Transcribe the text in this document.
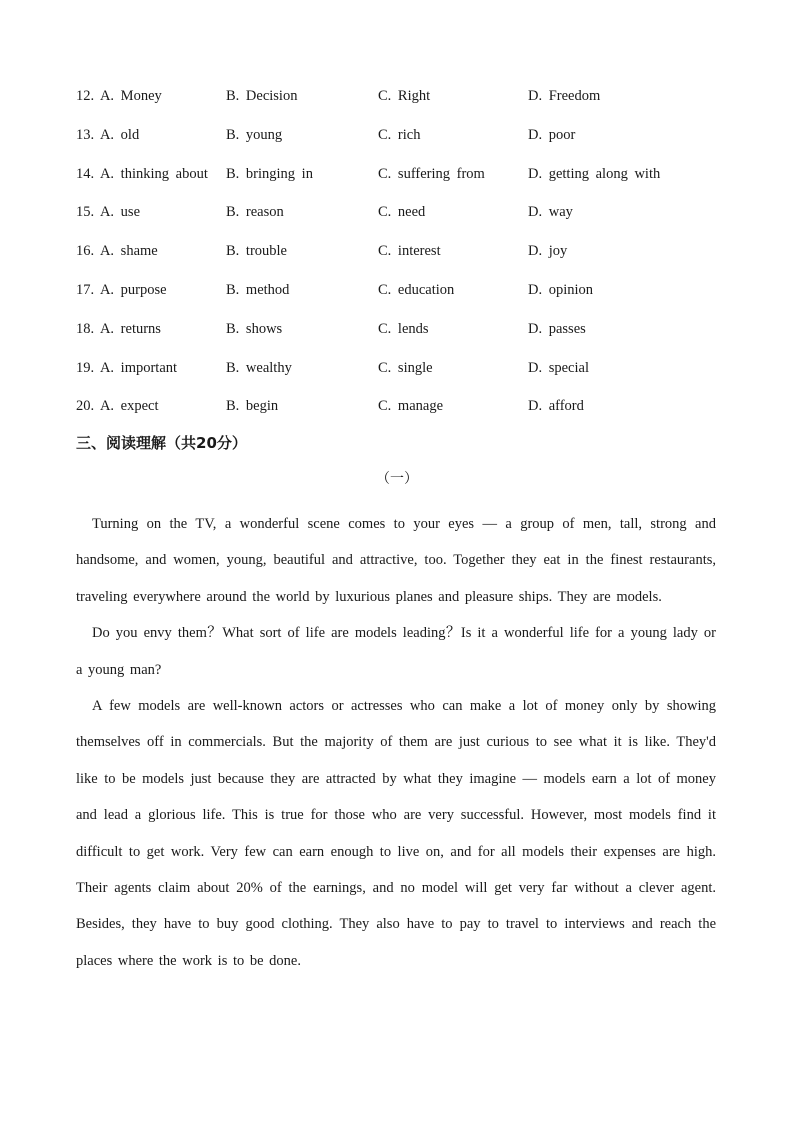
12. A. Money	B. Decision	C. Right	D. Freedom
13. A. old	B. young	C. rich	D. poor
14. A. thinking about B. bringing in	C. suffering from	D. getting along with
15. A. use	B. reason	C. need	D. way
16. A. shame	B. trouble	C. interest	D. joy
17. A. purpose	B. method	C. education	D. opinion
18. A. returns	B. shows	C. lends	D. passes
19. A. important	B. wealthy	C. single	D. special
20. A. expect	B. begin	C. manage	D. afford
三、阅读理解（共20分）
（一）

Turning on the TV, a wonderful scene comes to your eyes — a group of men, tall, strong and handsome, and women, young, beautiful and attractive, too. Together they eat in the finest restaurants, traveling everywhere around the world by luxurious planes and pleasure ships. They are models.

Do you envy them？What sort of life are models leading？Is it a wonderful life for a young lady or a young man?

A few models are well-known actors or actresses who can make a lot of money only by showing themselves off in commercials. But the majority of them are just curious to see what it is like. They'd like to be models just because they are attracted by what they imagine — models earn a lot of money and lead a glorious life. This is true for those who are very successful. However, most models find it difficult to get work. Very few can earn enough to live on, and for all models their expenses are high. Their agents claim about 20% of the earnings, and no model will get very far without a clever agent. Besides, they have to buy good clothing. They also have to pay to travel to interviews and reach the places where the work is to be done.
